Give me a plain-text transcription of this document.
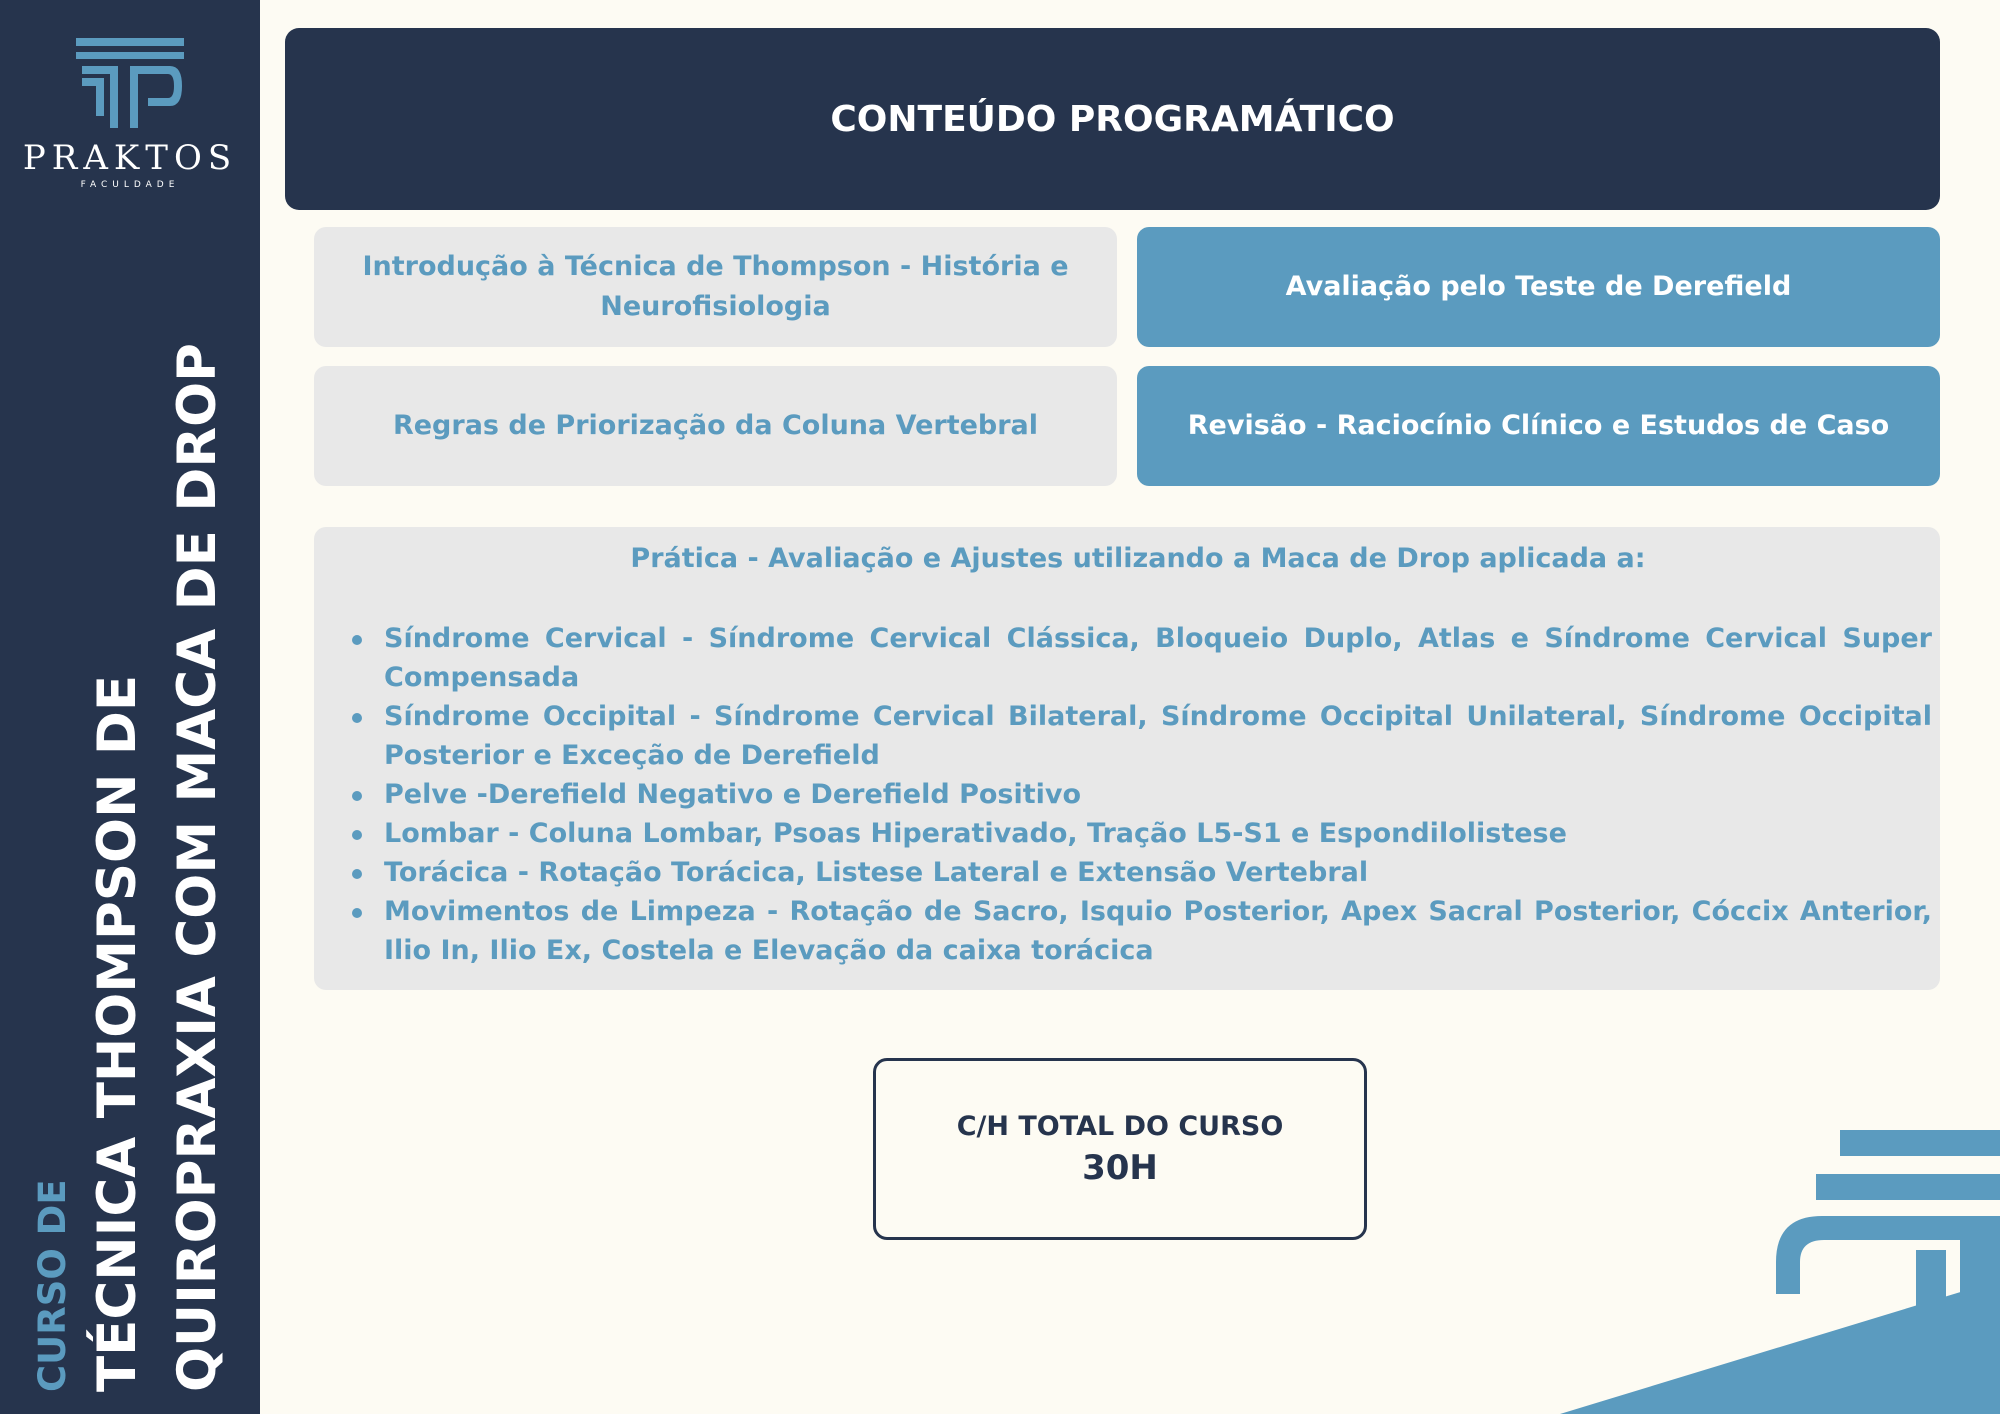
PRAKTOS
FACULDADE
CURSO DE TÉCNICA THOMPSON DE QUIROPRAXIA COM MACA DE DROP
CONTEÚDO PROGRAMÁTICO
Introdução à Técnica de Thompson - História e Neurofisiologia
Avaliação pelo Teste de Derefield
Regras de Priorização da Coluna Vertebral	Revisão - Raciocínio Clínico e Estudos de Caso
Prática - Avaliação e Ajustes utilizando a Maca de Drop aplicada a:
Síndrome Cervical - Síndrome Cervical Clássica, Bloqueio Duplo, Atlas e Síndrome Cervical Super Compensada
Síndrome Occipital - Síndrome Cervical Bilateral, Síndrome Occipital Unilateral, Síndrome Occipital Posterior e Exceção de Derefield
Pelve -Derefield Negativo e Derefield Positivo
Lombar - Coluna Lombar, Psoas Hiperativado, Tração L5-S1 e Espondilolistese
Torácica - Rotação Torácica, Listese Lateral e Extensão Vertebral
Movimentos de Limpeza - Rotação de Sacro, Isquio Posterior, Apex Sacral Posterior, Cóccix Anterior, Ilio In, Ilio Ex, Costela e Elevação da caixa torácica
C/H TOTAL DO CURSO
30H
